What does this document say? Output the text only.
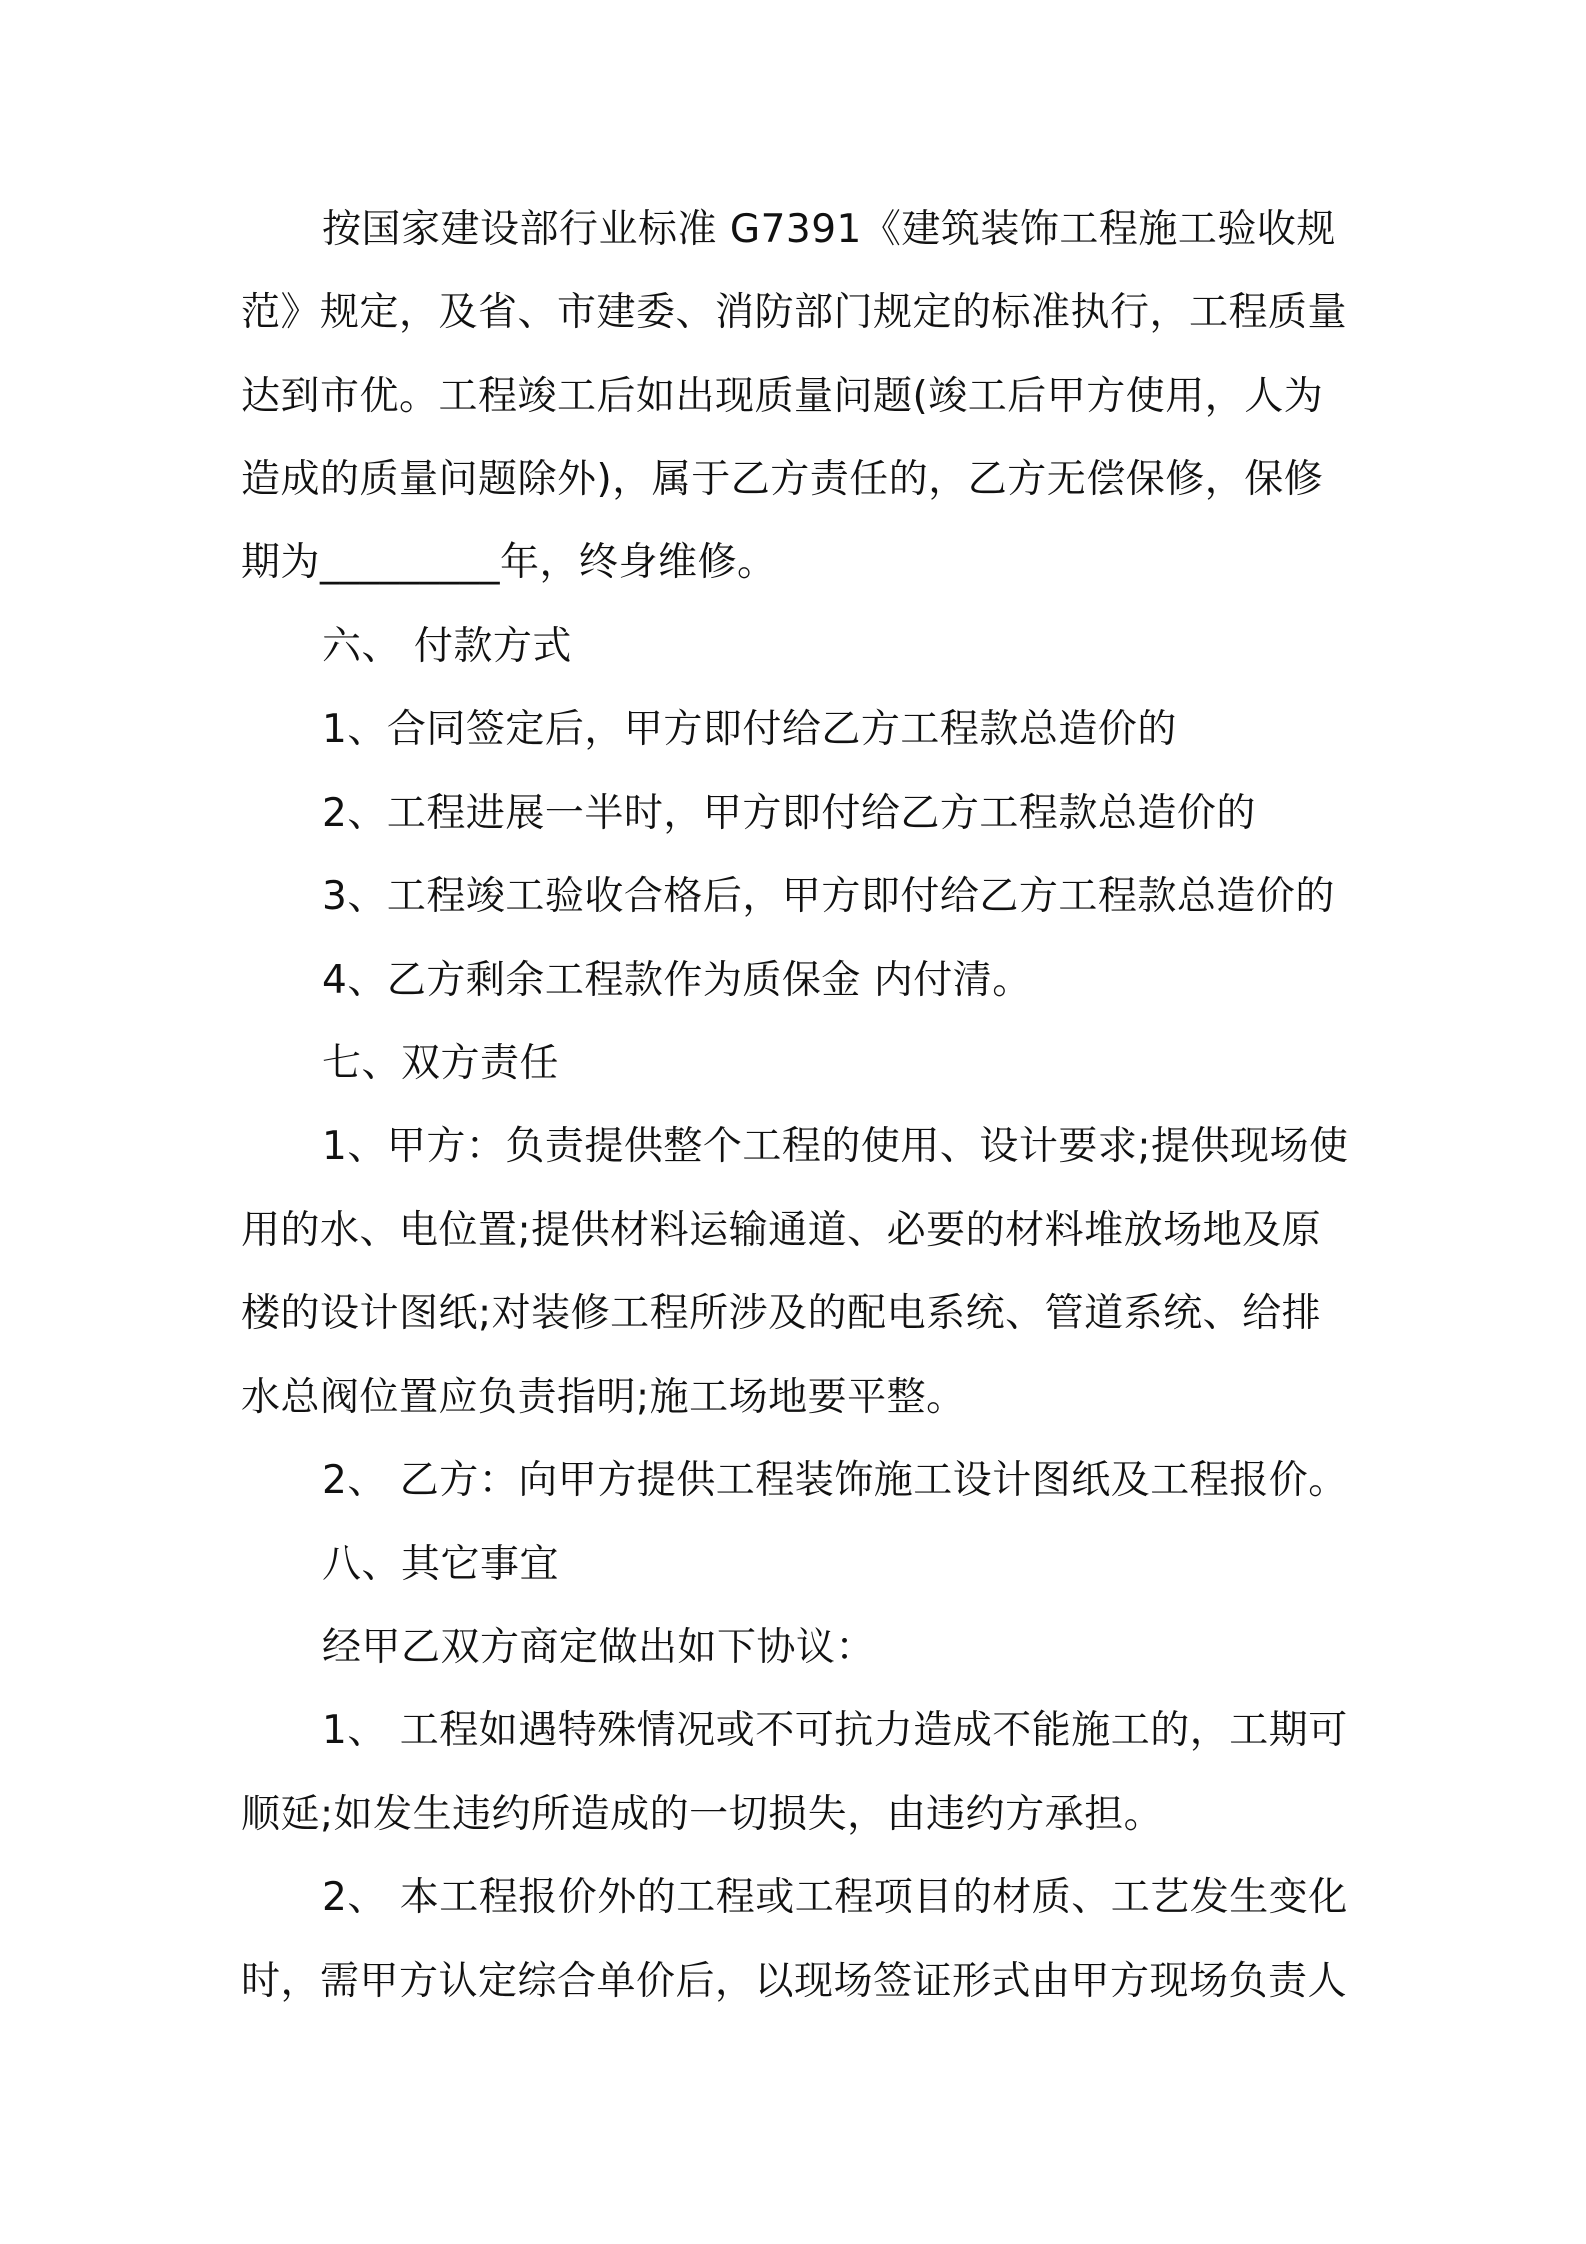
按国家建设部行业标准 G7391《建筑装饰工程施工验收规
范》规定，及省、市建委、消防部门规定的标准执行，工程质量
达到市优。工程竣工后如出现质量问题(竣工后甲方使用，人为
造成的质量问题除外)，属于乙方责任的，乙方无偿保修，保修
期为_________年，终身维修。
六、 付款方式
1、合同签定后，甲方即付给乙方工程款总造价的
2、工程进展一半时，甲方即付给乙方工程款总造价的
3、工程竣工验收合格后，甲方即付给乙方工程款总造价的
4、乙方剩余工程款作为质保金 内付清。
七、双方责任
1、甲方：负责提供整个工程的使用、设计要求;提供现场使
用的水、电位置;提供材料运输通道、必要的材料堆放场地及原
楼的设计图纸;对装修工程所涉及的配电系统、管道系统、给排
水总阀位置应负责指明;施工场地要平整。
2、 乙方：向甲方提供工程装饰施工设计图纸及工程报价。
八、其它事宜
经甲乙双方商定做出如下协议：
1、 工程如遇特殊情况或不可抗力造成不能施工的，工期可
顺延;如发生违约所造成的一切损失，由违约方承担。
2、 本工程报价外的工程或工程项目的材质、工艺发生变化
时，需甲方认定综合单价后，以现场签证形式由甲方现场负责人
